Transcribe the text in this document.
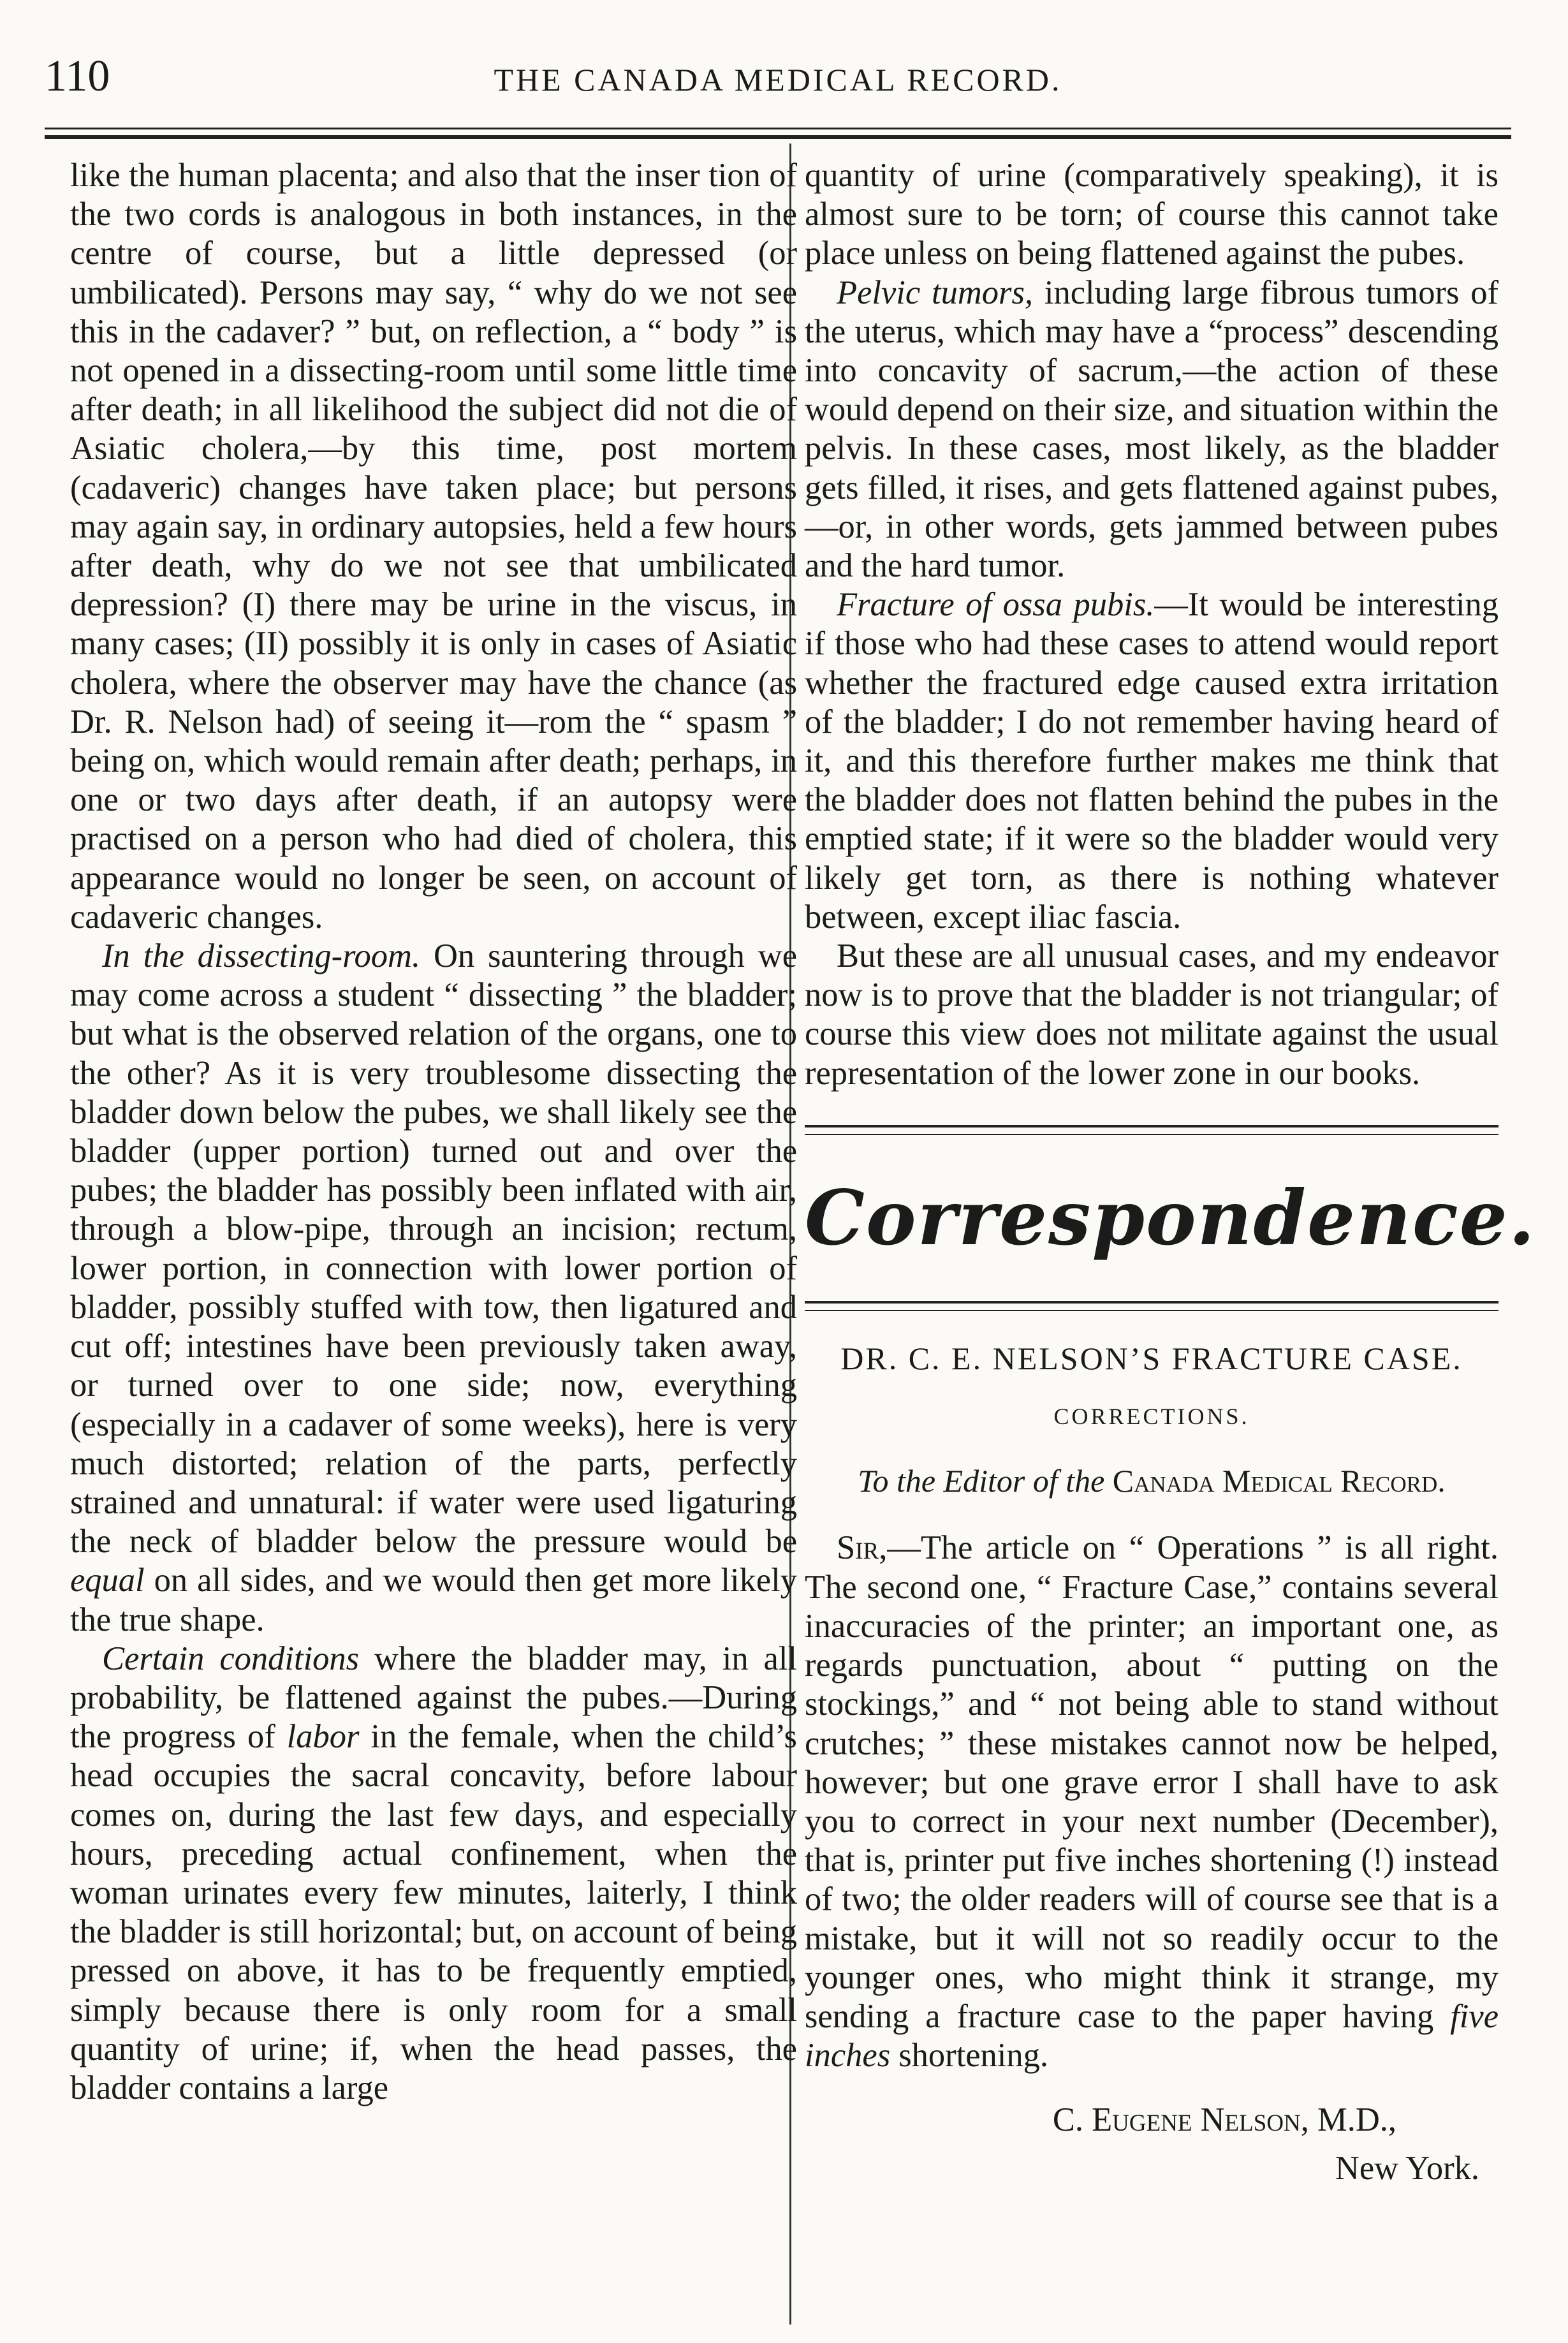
110	THE CANADA MEDICAL RECORD.

like the human placenta; and also that the inser tion of the two cords is analogous in both instances, in the centre of course, but a little depressed (or umbilicated). Persons may say, “ why do we not see this in the cadaver? ” but, on reflection, a “ body ” is not opened in a dissecting-room until some little time after death; in all likelihood the subject did not die of Asiatic cholera,—by this time, post mortem (cadaveric) changes have taken place; but persons may again say, in ordinary autopsies, held a few hours after death, why do we not see that umbilicated depression? (I) there may be urine in the viscus, in many cases; (II) possibly it is only in cases of Asiatic cholera, where the observer may have the chance (as Dr. R. Nelson had) of seeing it—rom the “ spasm ” being on, which would remain after death; perhaps, in one or two days after death, if an autopsy were practised on a person who had died of cholera, this appearance would no longer be seen, on account of cadaveric changes.

In the dissecting-room. On sauntering through we may come across a student “ dissecting ” the bladder; but what is the observed relation of the organs, one to the other? As it is very troublesome dissecting the bladder down below the pubes, we shall likely see the bladder (upper portion) turned out and over the pubes; the bladder has possibly been inflated with air, through a blow-pipe, through an incision; rectum, lower portion, in connection with lower portion of bladder, possibly stuffed with tow, then ligatured and cut off; intestines have been previously taken away, or turned over to one side; now, everything (especially in a cadaver of some weeks), here is very much distorted; relation of the parts, perfectly strained and unnatural: if water were used ligaturing the neck of bladder below the pressure would be equal on all sides, and we would then get more likely the true shape.

Certain conditions where the bladder may, in all probability, be flattened against the pubes.—During the progress of labor in the female, when the child’s head occupies the sacral concavity, before labour comes on, during the last few days, and especially hours, preceding actual confinement, when the woman urinates every few minutes, laiterly, I think the bladder is still horizontal; but, on account of being pressed on above, it has to be frequently emptied, simply because there is only room for a small quantity of urine; if, when the head passes, the bladder contains a large

quantity of urine (comparatively speaking), it is almost sure to be torn; of course this cannot take place unless on being flattened against the pubes.

Pelvic tumors, including large fibrous tumors of the uterus, which may have a “process” descending into concavity of sacrum,—the action of these would depend on their size, and situation within the pelvis. In these cases, most likely, as the bladder gets filled, it rises, and gets flattened against pubes,—or, in other words, gets jammed between pubes and the hard tumor.

Fracture of ossa pubis.—It would be interesting if those who had these cases to attend would report whether the fractured edge caused extra irritation of the bladder; I do not remember having heard of it, and this therefore further makes me think that the bladder does not flatten behind the pubes in the emptied state; if it were so the bladder would very likely get torn, as there is nothing whatever between, except iliac fascia.

But these are all unusual cases, and my endeavor now is to prove that the bladder is not triangular; of course this view does not militate against the usual representation of the lower zone in our books.

Correspondence.
DR. C. E. NELSON’S FRACTURE CASE.
CORRECTIONS.
To the Editor of the Canada Medical Record.

Sir,—The article on “ Operations ” is all right. The second one, “ Fracture Case,” contains several inaccuracies of the printer; an important one, as regards punctuation, about “ putting on the stockings,” and “ not being able to stand without crutches; ” these mistakes cannot now be helped, however; but one grave error I shall have to ask you to correct in your next number (December), that is, printer put five inches shortening (!) instead of two; the older readers will of course see that is a mistake, but it will not so readily occur to the younger ones, who might think it strange, my sending a fracture case to the paper having five inches shortening.

C. Eugene Nelson, M.D.,
New York.
